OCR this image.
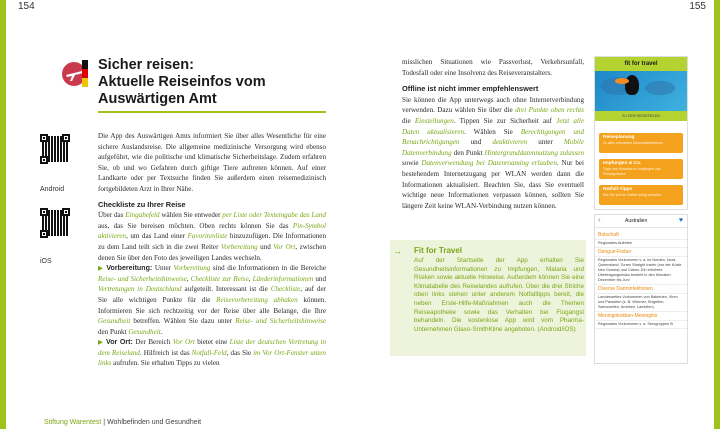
154	155
Sicher reisen:
Aktuelle Reiseinfos vom
Auswärtigen Amt
Android
iOS

Die App des Auswärtigen Amts informiert Sie über alles Wesentliche für eine sichere Auslandsreise. Die allgemeine medizinische Versorgung wird ebenso aufgeführt, wie die politische und klimatische Sicherheitslage. Zudem erfahren Sie, ob und wo Gefahren durch giftige Tiere auftreten können. Auf einer Landkarte oder per Textsuche finden Sie außerdem einen reisemedizinisch fortgebildeten Arzt in Ihrer Nähe.

Checkliste zu Ihrer Reise

Über das Eingabefeld wählen Sie entweder per Liste oder Texteingabe das Land aus, das Sie bereisen möchten. Oben rechts können Sie das Pin-Symbol aktivieren, um das Land einer Favoritenliste hinzuzufügen. Die Informationen zu dem Land teilt sich in die zwei Reiter Vorbereitung und Vor Ort, zwischen denen Sie über den Foto des jeweiligen Landes wechseln.

▶ Vorbereitung: Unter Vorbereitung sind die Informationen in die Bereiche Reise- und Sicherheitshinweise, Checkliste zur Reise, Länderinformationen und Vertretungen in Deutschland aufgeteilt. Interessant ist die Checkliste, auf der Sie alle wichtigen Punkte für die Reisevorbereitung abhaken können. Informieren Sie sich rechtzeitig vor der Reise über alle Belange, die Ihre Gesundheit betreffen. Wählen Sie dazu unter Reise- und Sicherheitshinweise den Punkt Gesundheit.

▶ Vor Ort: Der Bereich Vor Ort bietet eine Liste der deutschen Vertretung in dem Reiseland. Hilfreich ist das Notfall-Feld, das Sie im Vor Ort-Fenster unten links aufrufen. Sie erhalten Tipps zu vielen

misslichen Situationen wie Passverlust, Verkehrsunfall, Todesfall oder eine Insolvenz des Reiseveranstalters.

Offline ist nicht immer empfehlenswert

Sie können die App unterwegs auch ohne Internetverbindung verwenden. Dazu wählen Sie über die drei Punkte oben rechts die Einstellungen. Tippen Sie zur Sicherheit auf Jetzt alle Daten aktualisieren. Wählen Sie Berechtigungen und Benachrichtigungen und deaktivieren unter Mobile Datenverbindung den Punkt Hintergrunddatennutzung zulassen sowie Datenverwendung bei Datenroaming erlauben. Nur bei bestehendem Internetzugang per WLAN werden dann die Informationen aktualisiert. Beachten Sie, dass Sie eventuell wichtige neue Informationen verpassen können, sollten Sie längere Zeit keine WLAN-Verbindung nutzen können.

→ Fit for Travel
Auf der Startseite der App erhalten Sie Gesundheitsinformationen zu Impfungen, Malaria und Risiken sowie aktuelle Hinweise. Außerdem können Sie eine Klimatabelle des Reiselandes aufrufen. Über die drei Striche oben links stehen unter anderem Notfalltipps bereit, die neben Erste-Hilfe-Maßnahmen auch die Themen Reiseapotheke sowie das Verhalten bei Flugangst behandeln. Die kostenlose App wird vom Pharma-Unternehmen Glaxo-SmithKline angeboten. (Android/iOS)
fit for travel
ZU DEN REISEZIELEN
Reiseplanung
Zu allen relevanten Gesundheitsthemen
Impfungen & Co.
Tipps und Hinweise zu Impfungen und Reiseapotheke
Notfall-Tipps
Wie Sie sich im Notfall richtig verhalten
‹	Australien	♥
Botschaft
Regionales Aufreten
Dengue-Fieber
Regionales Vorkommen v. a. im Norden, Nord-Queensland, Torres Straight Inseln (nur der Küste Neu Guinea) und Cairns. Ein erhöhtes Übertragungsrisiko besteht in den Monaten Dezember bis Juni
Diverse Darminfektionen
Landesweites Vorkommen von Bakterien, Viren und Parasiten (z. B. Würmer, Shigellen, Salmonellen, Amöben, Lamblien)
Meningokokken-Meningitis
Regionales Vorkommen v. a. Serogruppen B
Stiftung Warentest | Wohlbefinden und Gesundheit
